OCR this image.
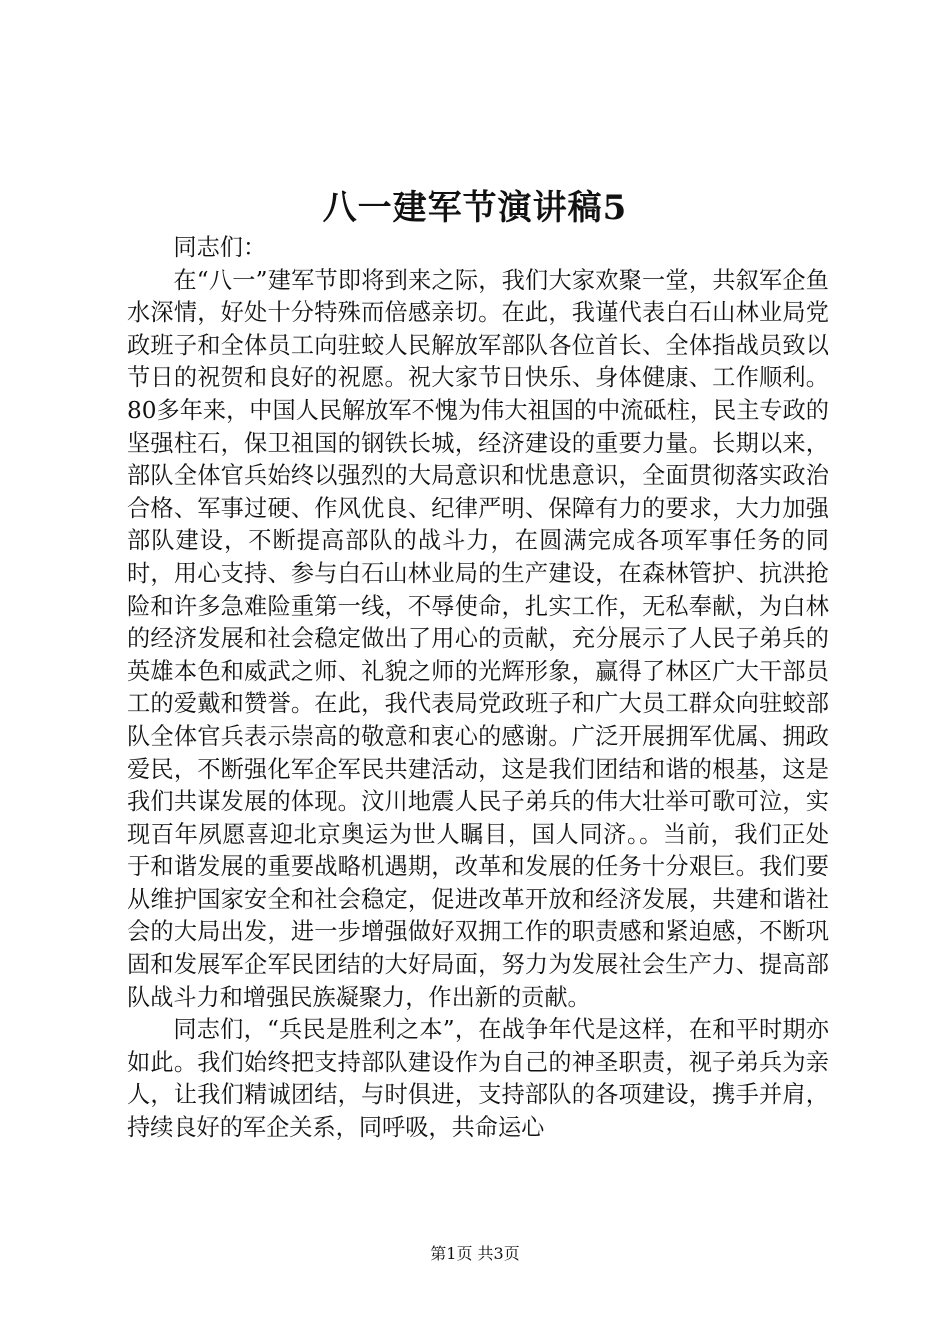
八一建军节演讲稿5

同志们：

在“八一”建军节即将到来之际，我们大家欢聚一堂，共叙军企鱼水深情，好处十分特殊而倍感亲切。在此，我谨代表白石山林业局党政班子和全体员工向驻蛟人民解放军部队各位首长、全体指战员致以节日的祝贺和良好的祝愿。祝大家节日快乐、身体健康、工作顺利。80多年来，中国人民解放军不愧为伟大祖国的中流砥柱，民主专政的坚强柱石，保卫祖国的钢铁长城，经济建设的重要力量。长期以来，部队全体官兵始终以强烈的大局意识和忧患意识，全面贯彻落实政治合格、军事过硬、作风优良、纪律严明、保障有力的要求，大力加强部队建设，不断提高部队的战斗力，在圆满完成各项军事任务的同时，用心支持、参与白石山林业局的生产建设，在森林管护、抗洪抢险和许多急难险重第一线，不辱使命，扎实工作，无私奉献，为白林的经济发展和社会稳定做出了用心的贡献，充分展示了人民子弟兵的英雄本色和威武之师、礼貌之师的光辉形象，赢得了林区广大干部员工的爱戴和赞誉。在此，我代表局党政班子和广大员工群众向驻蛟部队全体官兵表示崇高的敬意和衷心的感谢。广泛开展拥军优属、拥政爱民，不断强化军企军民共建活动，这是我们团结和谐的根基，这是我们共谋发展的体现。汶川地震人民子弟兵的伟大壮举可歌可泣，实现百年夙愿喜迎北京奥运为世人瞩目，国人同济。。当前，我们正处于和谐发展的重要战略机遇期，改革和发展的任务十分艰巨。我们要从维护国家安全和社会稳定，促进改革开放和经济发展，共建和谐社会的大局出发，进一步增强做好双拥工作的职责感和紧迫感，不断巩固和发展军企军民团结的大好局面，努力为发展社会生产力、提高部队战斗力和增强民族凝聚力，作出新的贡献。

同志们，“兵民是胜利之本”，在战争年代是这样，在和平时期亦如此。我们始终把支持部队建设作为自己的神圣职责，视子弟兵为亲人，让我们精诚团结，与时俱进，支持部队的各项建设，携手并肩，持续良好的军企关系，同呼吸，共命运心

第1页 共3页
